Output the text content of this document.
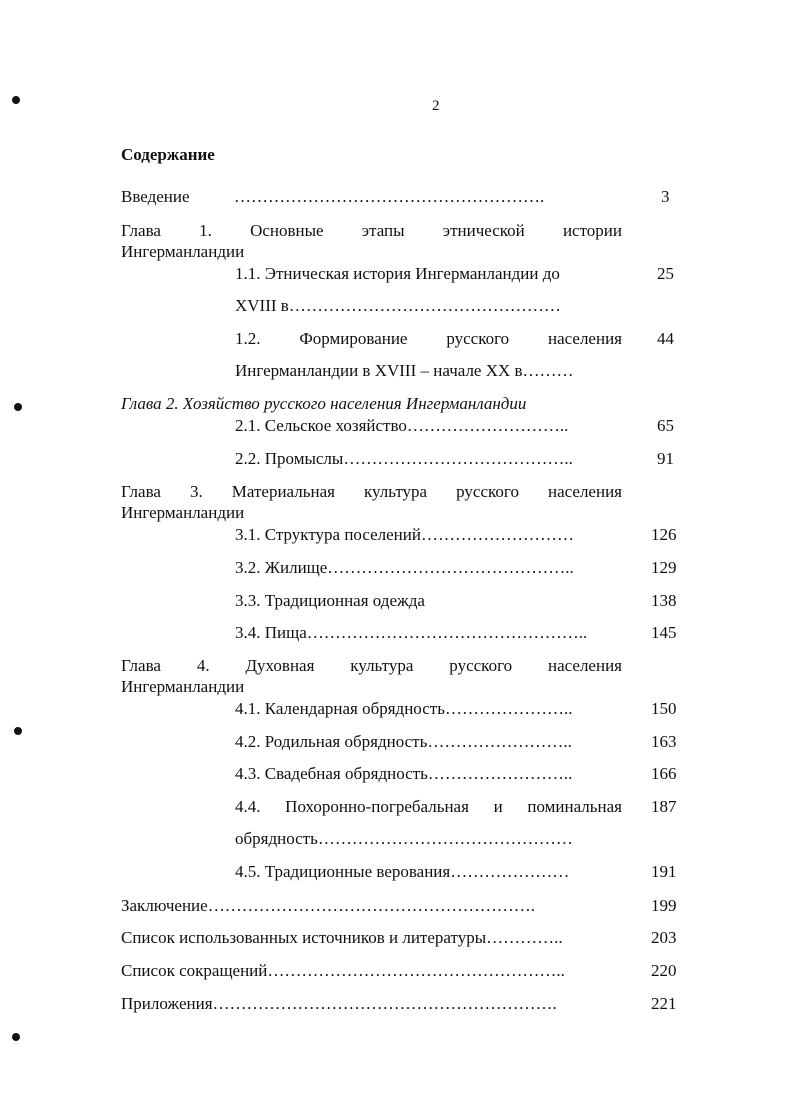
2
Содержание
Введение	……………………………………………….	3
Глава 1. Основные этапы этнической истории
Ингерманландии
1.1. Этническая история Ингерманландии до	25
XVIII в…………………………………………
1.2. Формирование русского населения 44
Ингерманландии в XVIII – начале XX в………
Глава 2. Хозяйство русского населения Ингерманландии
2.1. Сельское хозяйство………………………..	65
2.2. Промыслы…………………………………..	91
Глава 3. Материальная культура русского населения
Ингерманландии
3.1. Структура поселений………………………	126
3.2. Жилище……………………………………..	129
3.3. Традиционная одежда	138
3.4. Пища…………………………………………..	145
Глава 4. Духовная культура русского населения
Ингерманландии
4.1. Календарная обрядность…………………..	150
4.2. Родильная обрядность……………………..	163
4.3. Свадебная обрядность……………………..	166
4.4. Похоронно-погребальная и поминальная 187
обрядность………………………………………
4.5. Традиционные верования…………………	191
Заключение………………………………………………….	199
Список использованных источников и литературы…………..	203
Список сокращений……………………………………………..	220
Приложения…………………………………………………….	221
